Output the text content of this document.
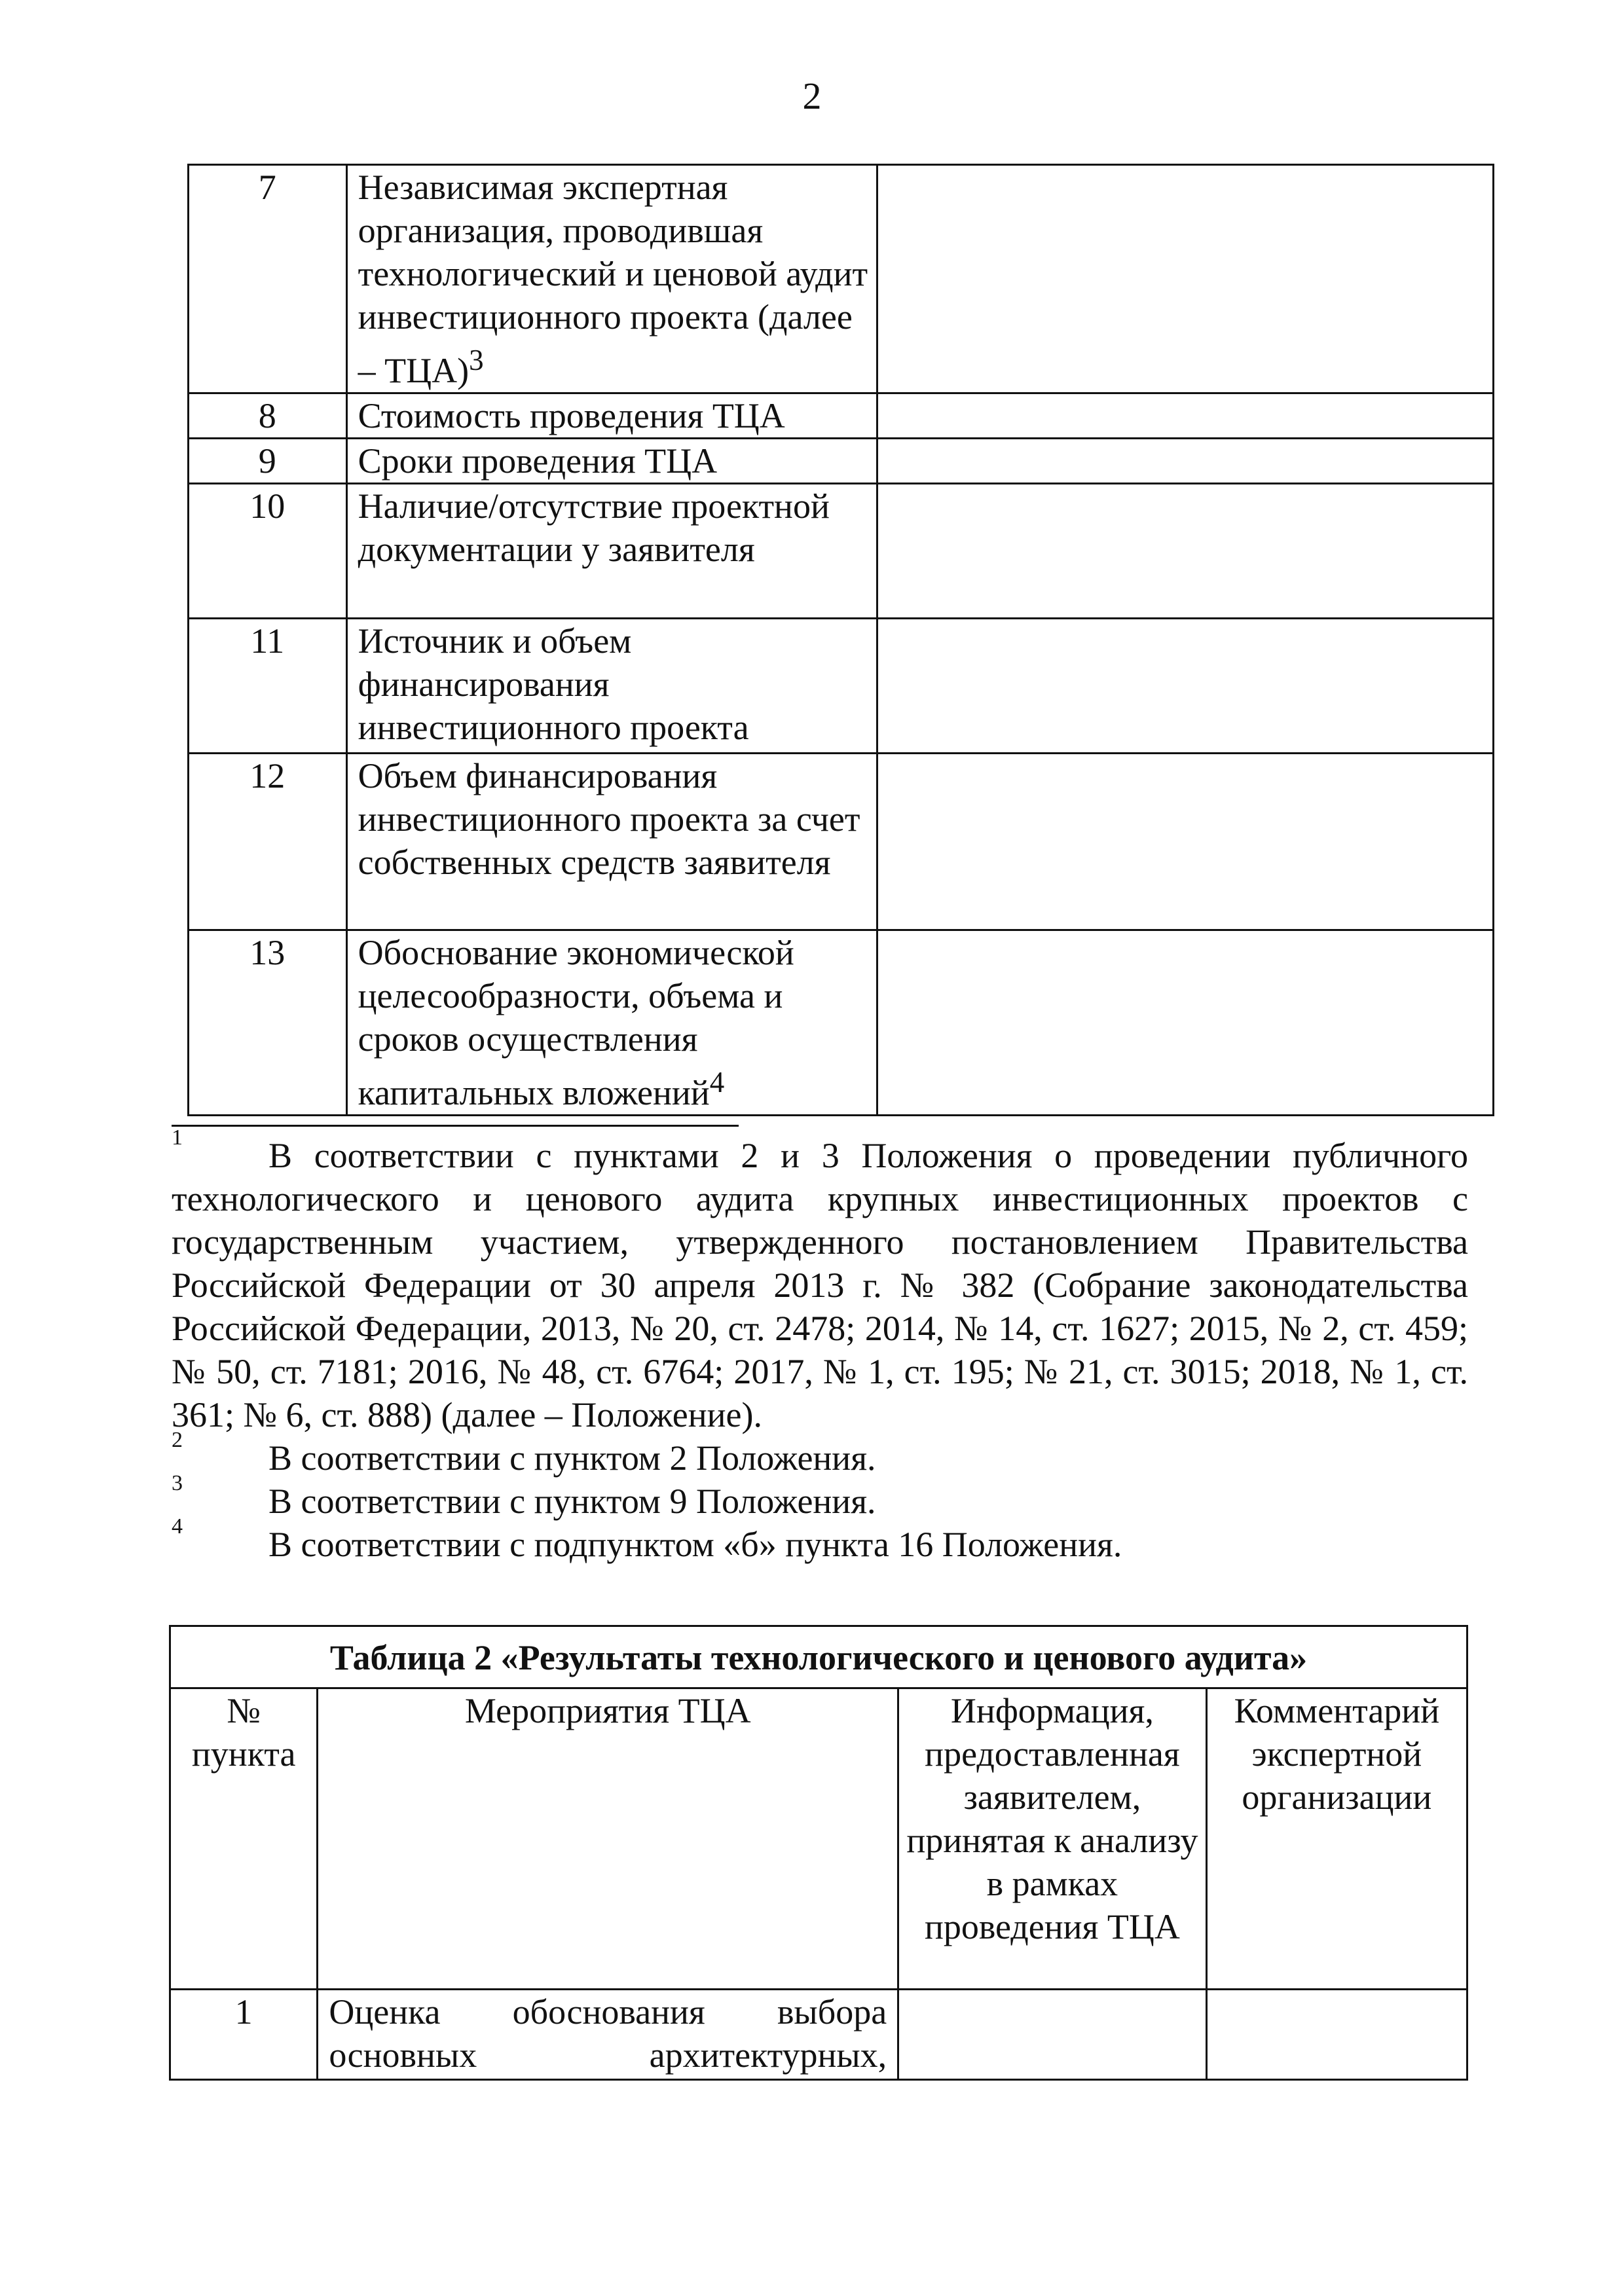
2
7	Независимая экспертная организация, проводившая технологический и ценовой аудит инвестиционного проекта (далее – ТЦА)$^3$	
8	Стоимость проведения ТЦА	
9	Сроки проведения ТЦА	
10	Наличие/отсутствие проектной документации у заявителя	
11	Источник и объем финансирования инвестиционного проекта	
12	Объем финансирования инвестиционного проекта за счет собственных средств заявителя	
13	Обоснование экономической целесообразности, объема и сроков осуществления капитальных вложений$^4$	
1	В соответствии с пунктами 2 и 3 Положения о проведении публичного технологического и ценового аудита крупных инвестиционных проектов с государственным участием, утвержденного постановлением Правительства Российской Федерации от 30 апреля 2013 г. № 382 (Собрание законодательства Российской Федерации, 2013, № 20, ст. 2478; 2014, № 14, ст. 1627; 2015, № 2, ст. 459; № 50, ст. 7181; 2016, № 48, ст. 6764; 2017, № 1, ст. 195; № 21, ст. 3015; 2018, № 1, ст. 361; № 6, ст. 888) (далее – Положение).
2	В соответствии с пунктом 2 Положения.
3	В соответствии с пунктом 9 Положения.
4	В соответствии с подпунктом «б» пункта 16 Положения.
Таблица 2 «Результаты технологического и ценового аудита»			
№ пункта	Мероприятия ТЦА	Информация, предоставленная заявителем, принятая к анализу в рамках проведения ТЦА	Комментарий экспертной организации
1	Оценка обоснования выбора основных архитектурных,		
